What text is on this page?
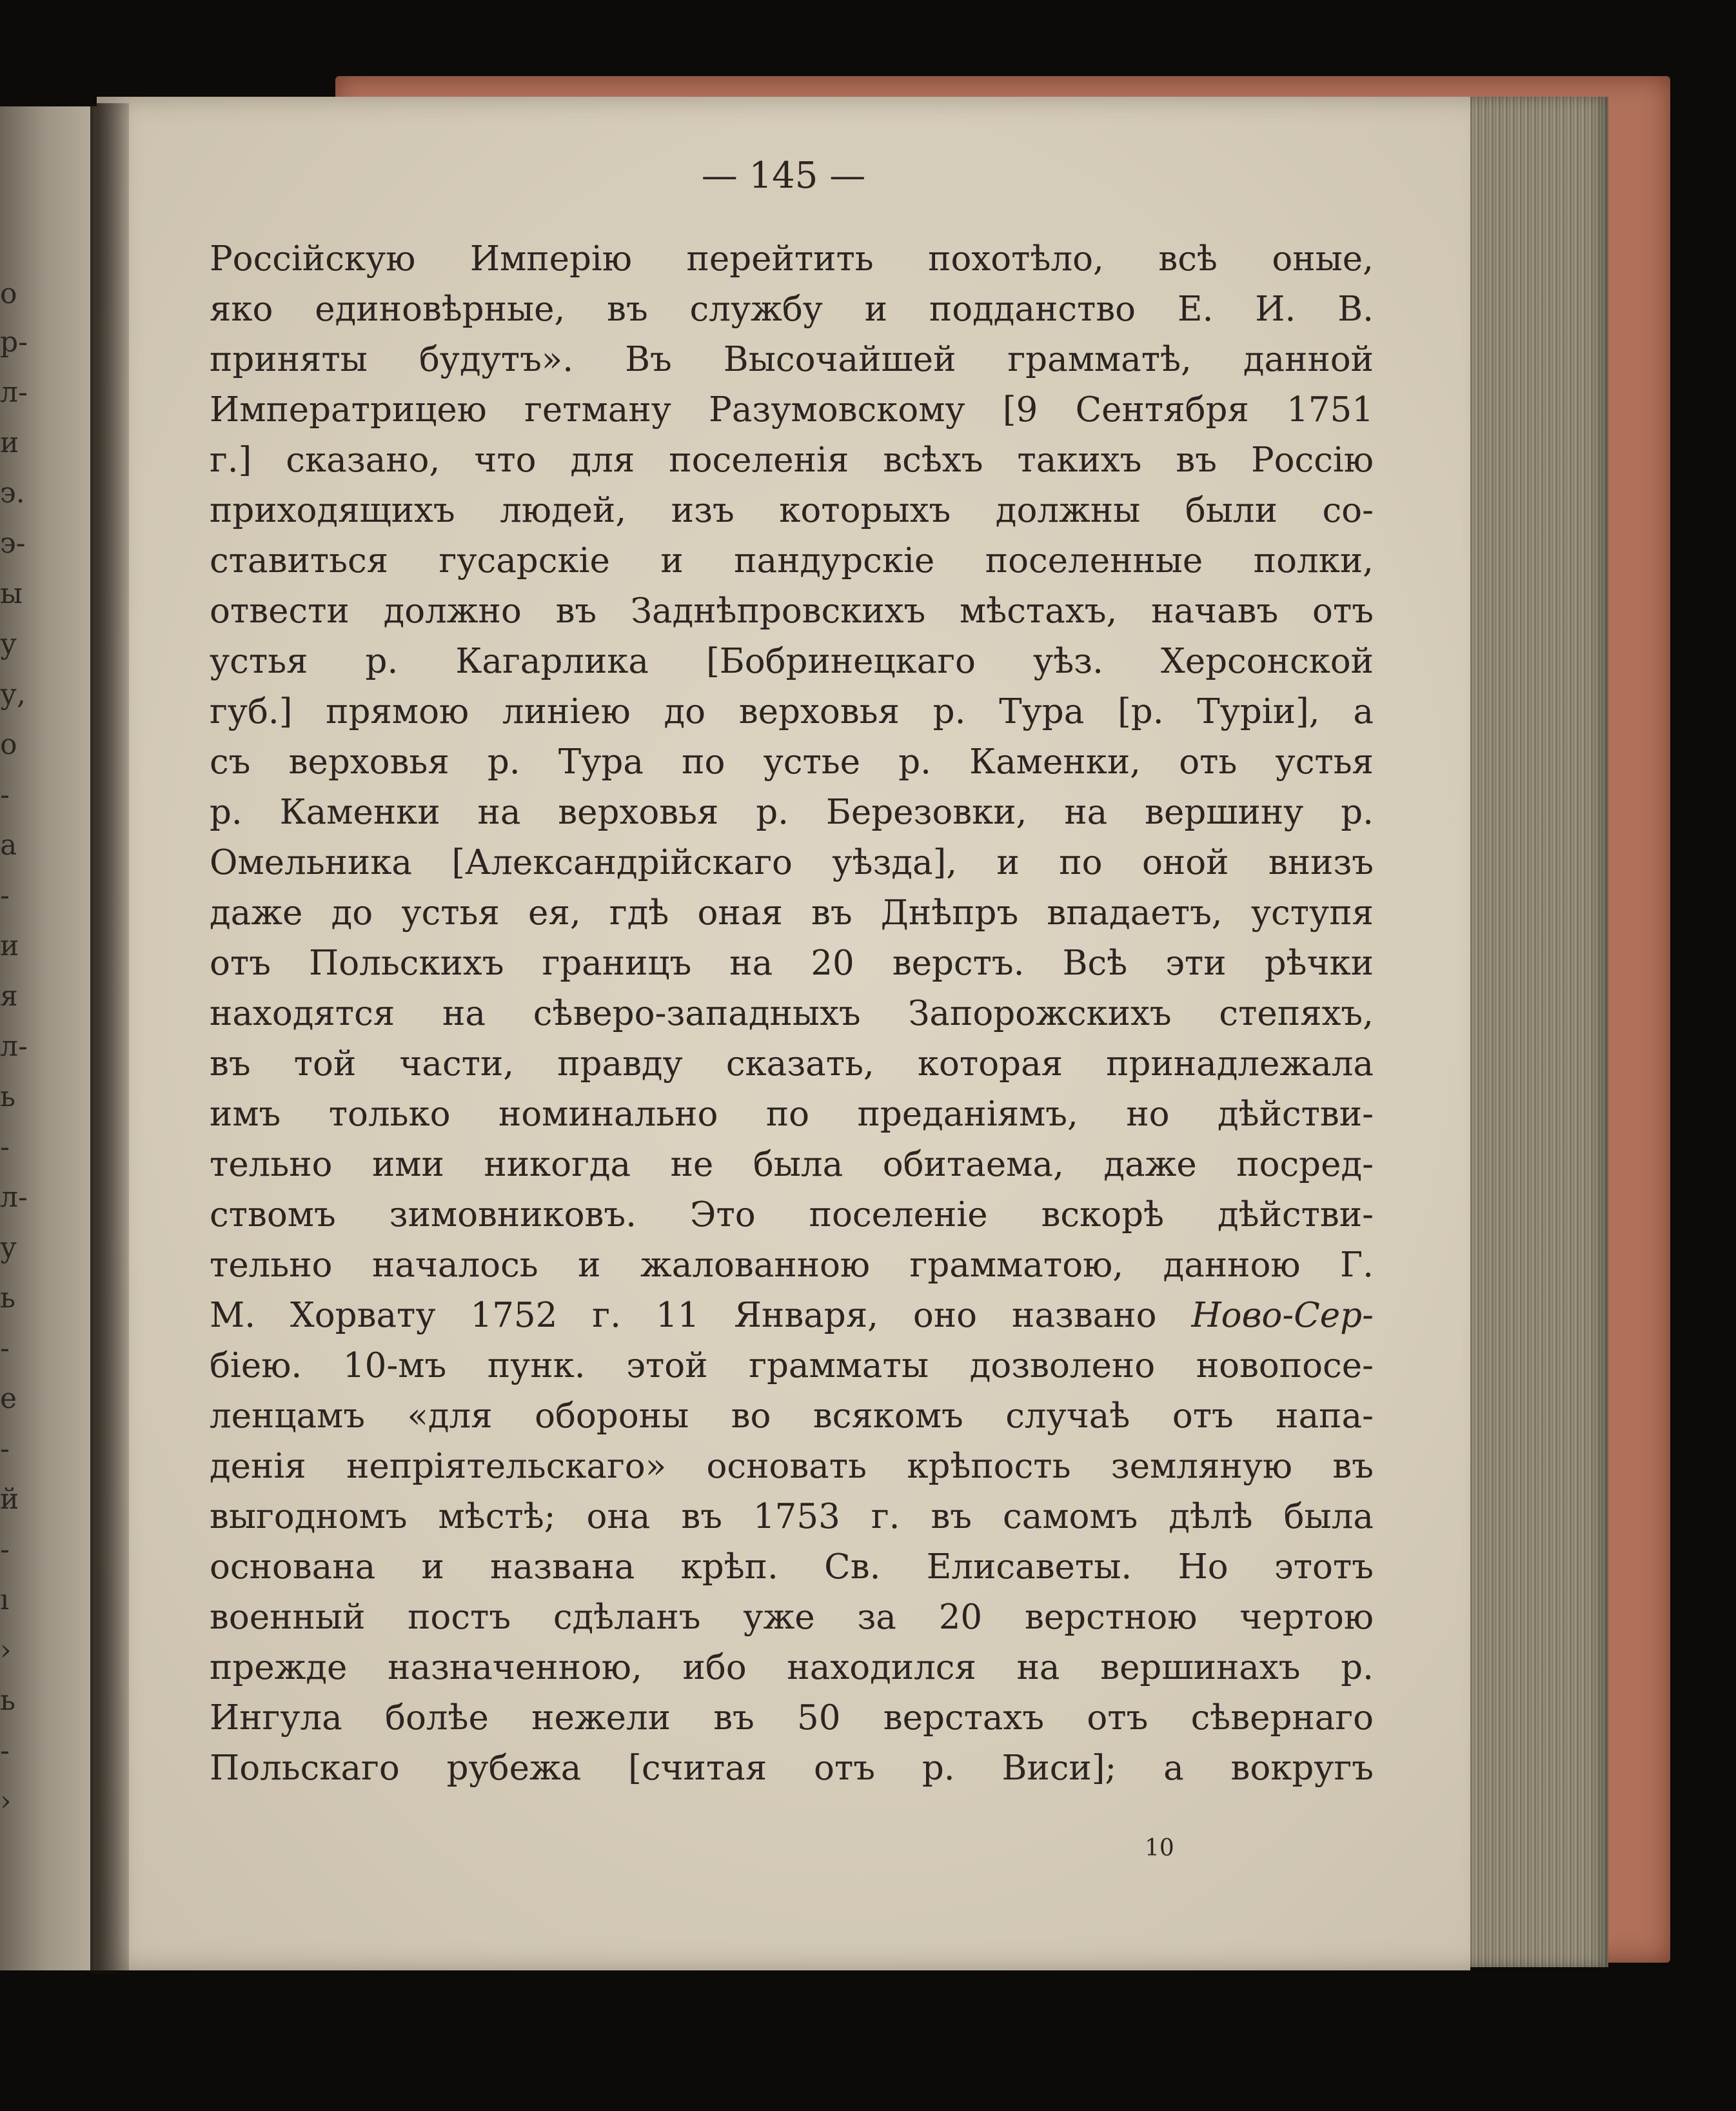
о
р-
л-
и
э.
э-
ы
у
у,
о
-
а
-
и
я
л-
ь
-
л-
у
ь
-
е
-
й
-
ı
›
ь
-
›
— 145 —
Россійскую Имперію перейтить похотѣло, всѣ оные,
яко единовѣрные, въ службу и подданство Е. И. В.
приняты будутъ». Въ Высочайшей грамматѣ, данной
Императрицею гетману Разумовскому [9 Сентября 1751
г.] сказано, что для поселенія всѣхъ такихъ въ Россію
приходящихъ людей, изъ которыхъ должны были со-
ставиться гусарскіе и пандурскіе поселенные полки,
отвести должно въ Заднѣпровскихъ мѣстахъ, начавъ отъ
устья р. Кагарлика [Бобринецкаго уѣз. Херсонской
губ.] прямою линіею до верховья р. Тура [р. Туріи], а
съ верховья р. Тура по устье р. Каменки, оть устья
р. Каменки на верховья р. Березовки, на вершину р.
Омельника [Александрійскаго уѣзда], и по оной внизъ
даже до устья ея, гдѣ оная въ Днѣпръ впадаетъ, уступя
отъ Польскихъ границъ на 20 верстъ. Всѣ эти рѣчки
находятся на сѣверо-западныхъ Запорожскихъ степяхъ,
въ той части, правду сказать, которая принадлежала
имъ только номинально по преданіямъ, но дѣйстви-
тельно ими никогда не была обитаема, даже посред-
ствомъ зимовниковъ. Это поселеніе вскорѣ дѣйстви-
тельно началось и жалованною грамматою, данною Г.
М. Хорвату 1752 г. 11 Января, оно названо Ново-Сер-
бiею. 10-мъ пунк. этой грамматы дозволено новопосе-
ленцамъ «для обороны во всякомъ случаѣ отъ напа-
денія непріятельскаго» основать крѣпость земляную въ
выгодномъ мѣстѣ; она въ 1753 г. въ самомъ дѣлѣ была
основана и названа крѣп. Св. Елисаветы. Но этотъ
военный постъ сдѣланъ уже за 20 верстною чертою
прежде назначенною, ибо находился на вершинахъ р.
Ингула болѣе нежели въ 50 верстахъ отъ сѣвернаго
Польскаго рубежа [считая отъ р. Виси]; а вокругъ
10
